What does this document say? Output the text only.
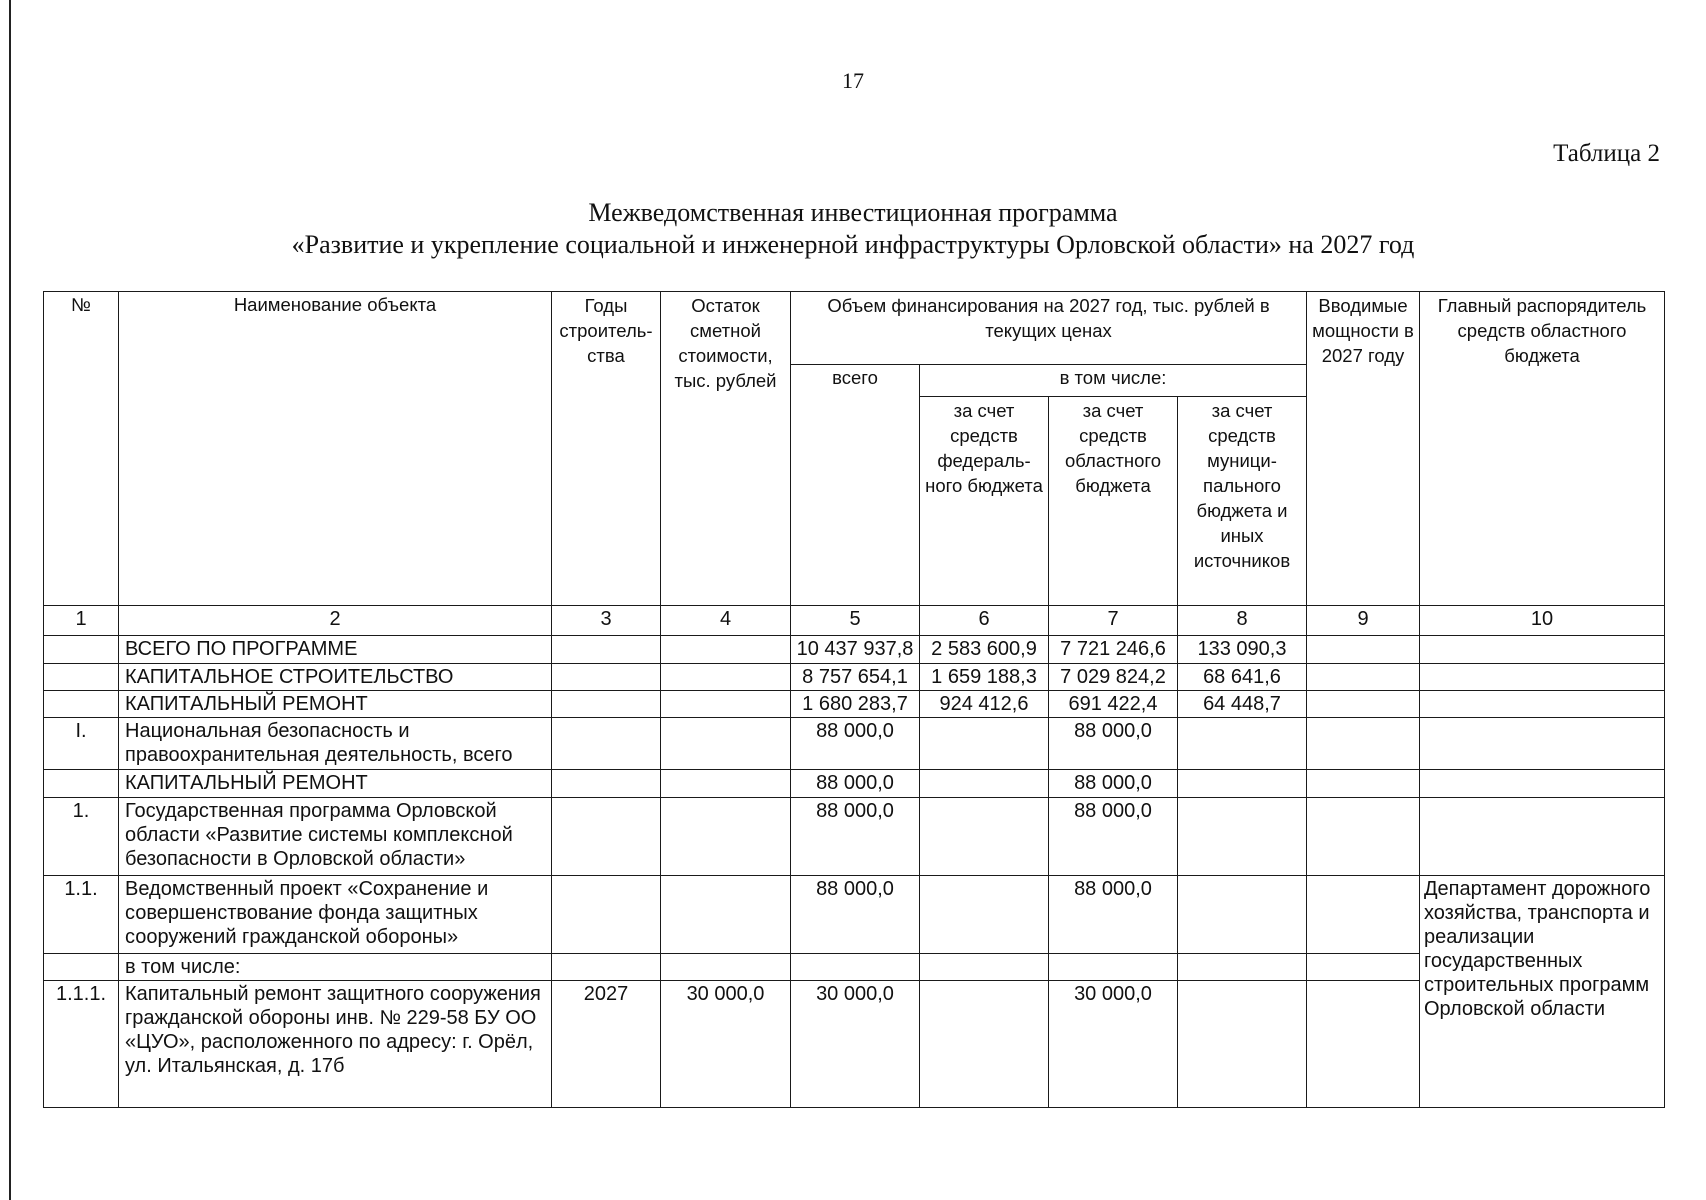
17
Таблица 2
Межведомственная инвестиционная программа
«Развитие и укрепление социальной и инженерной инфраструктуры Орловской области» на 2027 год
№	Наименование объекта	Годы строитель-ства	Остаток сметной стоимости, тыс. рублей	Объем финансирования на 2027 год, тыс. рублей в текущих ценах				Вводимые мощности в 2027 году	Главный распорядитель средств областного бюджета
				всего	в том числе:				
					за счет средств федераль-ного бюджета	за счет средств областного бюджета	за счет средств муници-пального бюджета и иных источников		
1	2	3	4	5	6	7	8	9	10
	ВСЕГО ПО ПРОГРАММЕ			10 437 937,8	2 583 600,9	7 721 246,6	133 090,3		
	КАПИТАЛЬНОЕ СТРОИТЕЛЬСТВО			8 757 654,1	1 659 188,3	7 029 824,2	68 641,6		
	КАПИТАЛЬНЫЙ РЕМОНТ			1 680 283,7	924 412,6	691 422,4	64 448,7		
I.	Национальная безопасность и правоохранительная деятельность, всего			88 000,0		88 000,0			
	КАПИТАЛЬНЫЙ РЕМОНТ			88 000,0		88 000,0			
1.	Государственная программа Орловской области «Развитие системы комплексной безопасности в Орловской области»			88 000,0		88 000,0			
1.1.	Ведомственный проект «Сохранение и совершенствование фонда защитных сооружений гражданской обороны»			88 000,0		88 000,0			Департамент дорожного хозяйства, транспорта и реализации государственных строительных программ Орловской области
	в том числе:								
1.1.1.	Капитальный ремонт защитного сооружения гражданской обороны инв. № 229-58 БУ ОО «ЦУО», расположенного по адресу: г. Орёл, ул. Итальянская, д. 17б	2027	30 000,0	30 000,0		30 000,0			
